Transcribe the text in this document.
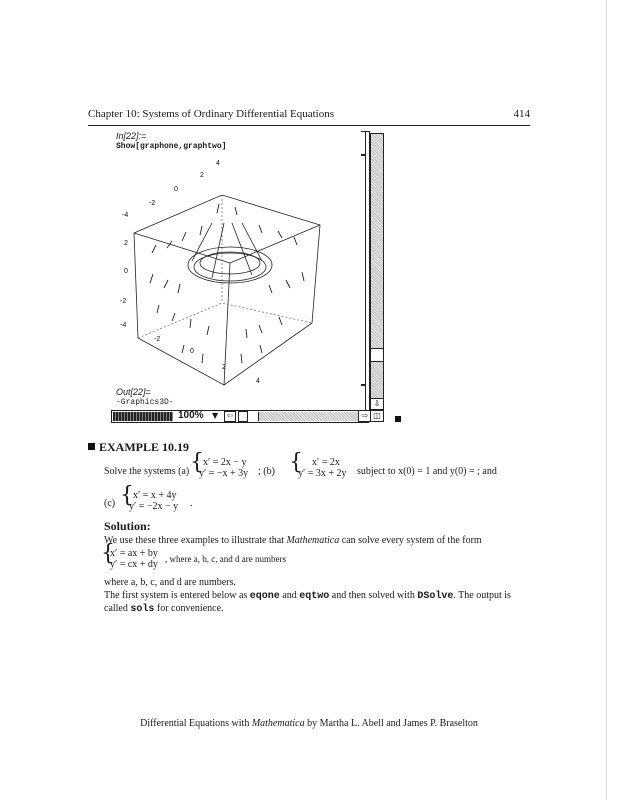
Chapter 10: Systems of Ordinary Differential Equations	414
In[22]:=
Show[graphone,graphtwo]
4
2
0
-2
-4
2
0
-2
-4
-2
0
2
4
Out[22]=
-Graphics3D-	⇩
100% ▼	⇦	⇨ ◫
EXAMPLE 10.19
Solve the systems (a) { x′ = 2x − y
y′ = −x + 3y ; (b) { x′ = 2x
y′ = 3x + 2y subject to x(0) = 1 and y(0) = ; and
(c) { x′ = x + 4y
y′ = −2x − y .
Solution:
We use these three examples to illustrate that Mathematica can solve every system of the form
{
x′ = ax + by
y′ = cx + dy , where a, b, c, and d are numbers
where a, b, c, and d are numbers.
The first system is entered below as eqone and eqtwo and then solved with DSolve. The output is
called sols for convenience.
Differential Equations with Mathematica by Martha L. Abell and James P. Braselton
